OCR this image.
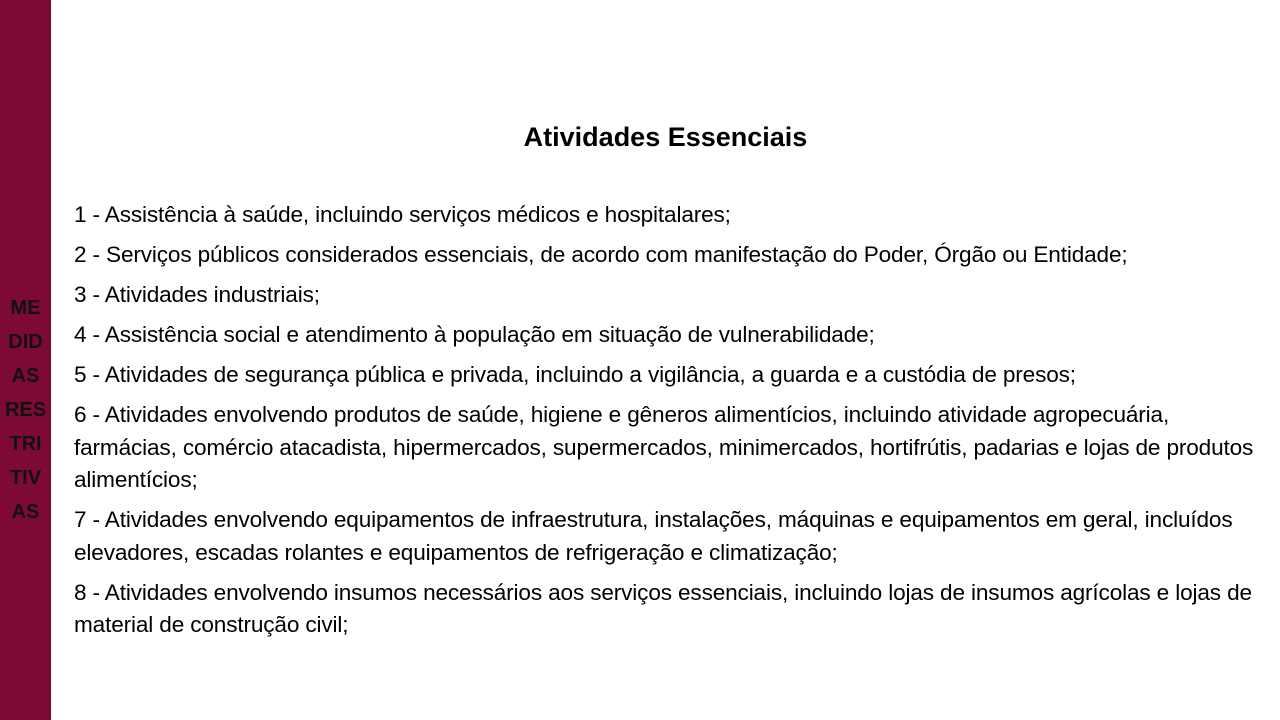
ME
DID
AS
RES
TRI
TIV
AS
Atividades Essenciais
1 - Assistência à saúde, incluindo serviços médicos e hospitalares;
2 - Serviços públicos considerados essenciais, de acordo com manifestação do Poder, Órgão ou Entidade;
3 - Atividades industriais;
4 - Assistência social e atendimento à população em situação de vulnerabilidade;
5 - Atividades de segurança pública e privada, incluindo a vigilância, a guarda e a custódia de presos;
6 - Atividades envolvendo produtos de saúde, higiene e gêneros alimentícios, incluindo atividade agropecuária, farmácias, comércio atacadista, hipermercados, supermercados, minimercados, hortifrútis, padarias e lojas de produtos alimentícios;
7 - Atividades envolvendo equipamentos de infraestrutura, instalações, máquinas e equipamentos em geral, incluídos elevadores, escadas rolantes e equipamentos de refrigeração e climatização;
8 - Atividades envolvendo insumos necessários aos serviços essenciais, incluindo lojas de insumos agrícolas e lojas de material de construção civil;
